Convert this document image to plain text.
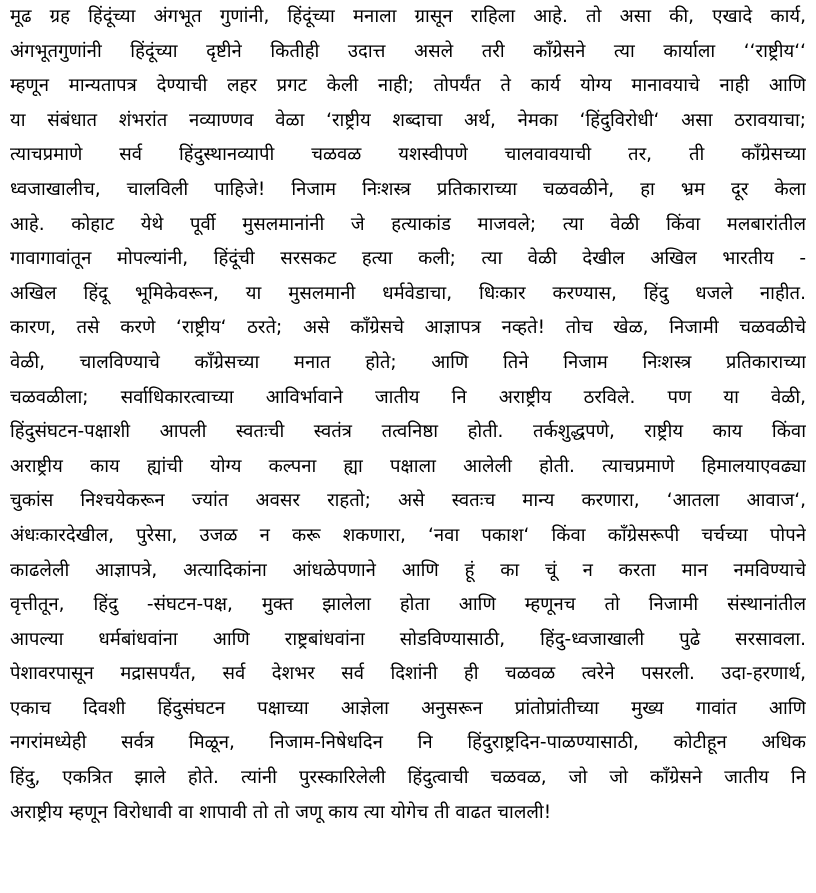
मूढ ग्रह हिंदूंच्या अंगभूत गुणांनी, हिंदूंच्या मनाला ग्रासून राहिला आहे. तो असा की, एखादे कार्य,
अंगभूतगुणांनी हिंदूंच्या दृष्टीने कितीही उदात्त असले तरी कॉंग्रेसने त्या कार्याला ‘‘राष्ट्रीय‘‘
म्हणून मान्यतापत्र देण्याची लहर प्रगट केली नाही; तोपर्यंत ते कार्य योग्य मानावयाचे नाही आणि
या संबंधात शंभरांत नव्याण्णव वेळा ‘राष्ट्रीय शब्दाचा अर्थ, नेमका ‘हिंदुविरोधी‘ असा ठरावयाचा;
त्याचप्रमाणे सर्व हिंदुस्थानव्यापी चळवळ यशस्वीपणे चालवावयाची तर, ती कॉंग्रेसच्या
ध्वजाखालीच, चालविली पाहिजे! निजाम निःशस्त्र प्रतिकाराच्या चळवळीने, हा भ्रम दूर केला
आहे. कोहाट येथे पूर्वी मुसलमानांनी जे हत्याकांड माजवले; त्या वेळी किंवा मलबारांतील
गावागावांतून मोपल्यांनी, हिंदूंची सरसकट हत्या कली; त्या वेळी देखील अखिल भारतीय -
अखिल हिंदू भूमिकेवरून, या मुसलमानी धर्मवेडाचा, धिःकार करण्यास, हिंदु धजले नाहीत.
कारण, तसे करणे ‘राष्ट्रीय‘ ठरते; असे कॉंग्रेसचे आज्ञापत्र नव्हते! तोच खेळ, निजामी चळवळीचे
वेळी, चालविण्याचे कॉंग्रेसच्या मनात होते; आणि तिने निजाम निःशस्त्र प्रतिकाराच्या
चळवळीला; सर्वाधिकारत्वाच्या आविर्भावाने जातीय नि अराष्ट्रीय ठरविले. पण या वेळी,
हिंदुसंघटन-पक्षाशी आपली स्वतःची स्वतंत्र तत्वनिष्ठा होती. तर्कशुद्धपणे, राष्ट्रीय काय किंवा
अराष्ट्रीय काय ह्यांची योग्य कल्पना ह्या पक्षाला आलेली होती. त्याचप्रमाणे हिमालयाएवढ्या
चुकांस निश्चयेकरून ज्यांत अवसर राहतो; असे स्वतःच मान्य करणारा, ‘आतला आवाज‘,
अंधःकारदेखील, पुरेसा, उजळ न करू शकणारा, ‘नवा पकाश‘ किंवा कॉंग्रेसरूपी चर्चच्या पोपने
काढलेली आज्ञापत्रे, अत्यादिकांना आंधळेपणाने आणि हूं का चूं न करता मान नमविण्याचे
वृत्तीतून, हिंदु -संघटन-पक्ष, मुक्त झालेला होता आणि म्हणूनच तो निजामी संस्थानांतील
आपल्या धर्मबांधवांना आणि राष्ट्रबांधवांना सोडविण्यासाठी, हिंदु-ध्वजाखाली पुढे सरसावला.
पेशावरपासून मद्रासपर्यंत, सर्व देशभर सर्व दिशांनी ही चळवळ त्वरेने पसरली. उदा-हरणार्थ,
एकाच दिवशी हिंदुसंघटन पक्षाच्या आज्ञेला अनुसरून प्रांतोप्रांतीच्या मुख्य गावांत आणि
नगरांमध्येही सर्वत्र मिळून, निजाम-निषेधदिन नि हिंदुराष्ट्रदिन-पाळण्यासाठी, कोटीहून अधिक
हिंदु, एकत्रित झाले होते. त्यांनी पुरस्कारिलेली हिंदुत्वाची चळवळ, जो जो कॉंग्रेसने जातीय नि
अराष्ट्रीय म्हणून विरोधावी वा शापावी तो तो जणू काय त्या योगेच ती वाढत चालली!
